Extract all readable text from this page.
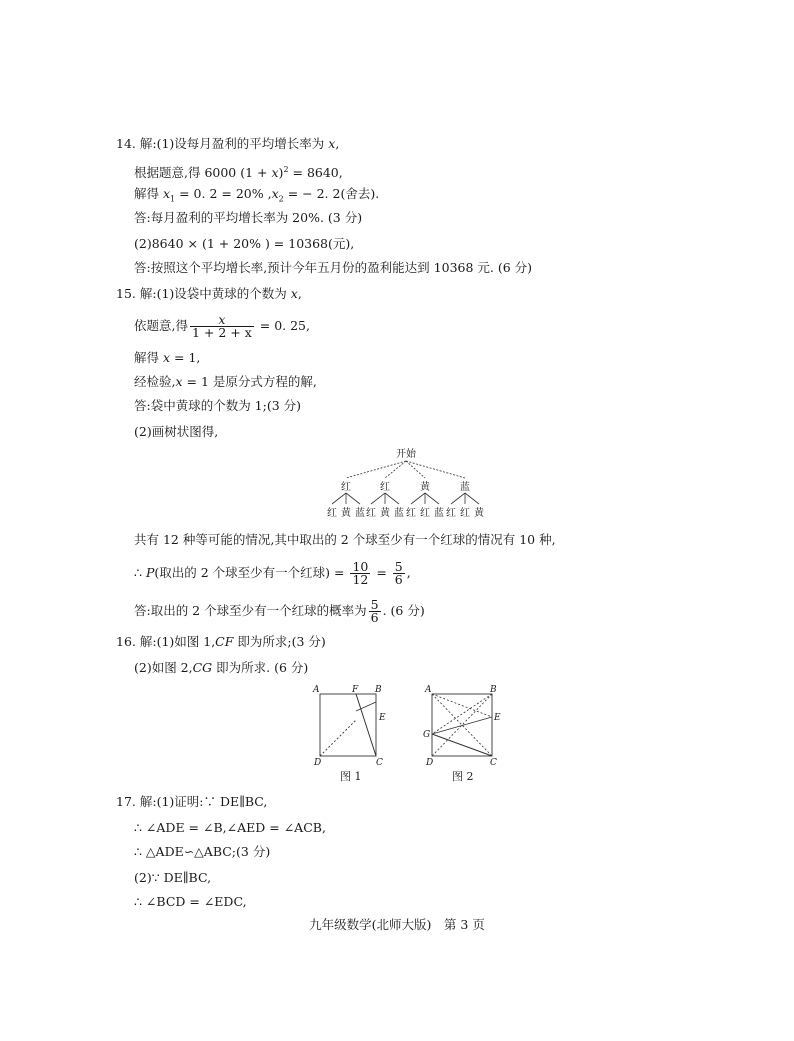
14. 解:(1)设每月盈利的平均增长率为 x,
根据题意,得 6000 $(1 + x)^2 = 8640$,
解得 $x_1 = 0$. 2 = 20% $,x_2$ = − 2. 2(舍去).
答:每月盈利的平均增长率为 20%. (3 分)
(2)8640 × (1 + 20% ) = 10368(元),
答:按照这个平均增长率,预计今年五月份的盈利能达到 10368 元. (6 分)
15. 解:(1)设袋中黄球的个数为 x,
依题意,得 $\frac{x}{1 + 2 + x} = 0$. 25,
解得 x = 1,
经检验,x = 1 是原分式方程的解,
答:袋中黄球的个数为 1;(3 分)
(2)画树状图得,
开始
红	红	黄	蓝
红 黄 蓝 红 黄 蓝 红 红 蓝 红 红 黄
共有 12 种等可能的情况,其中取出的 2 个球至少有一个红球的情况有 10 种,
∴ P(取出的 2 个球至少有一个红球) = $\frac{10}{12} = \frac{5}{6}$ ,
答:取出的 2 个球至少有一个红球的概率为 $\frac{5}{6}$ . (6 分)
16. 解:(1)如图 1,CF 即为所求;(3 分)
(2)如图 2,CG 即为所求. (6 分)
A	F B
E
D	C
图 1
A	B
E
G
D	C
图 2
17. 解:(1)证明:∵ DE∥BC,
∴ ∠ADE = ∠B,∠AED = ∠ACB,
∴ △ADE∽△ABC;(3 分)
(2)∵ DE∥BC,
∴ ∠BCD = ∠EDC,
九年级数学(北师大版)　第 3 页
